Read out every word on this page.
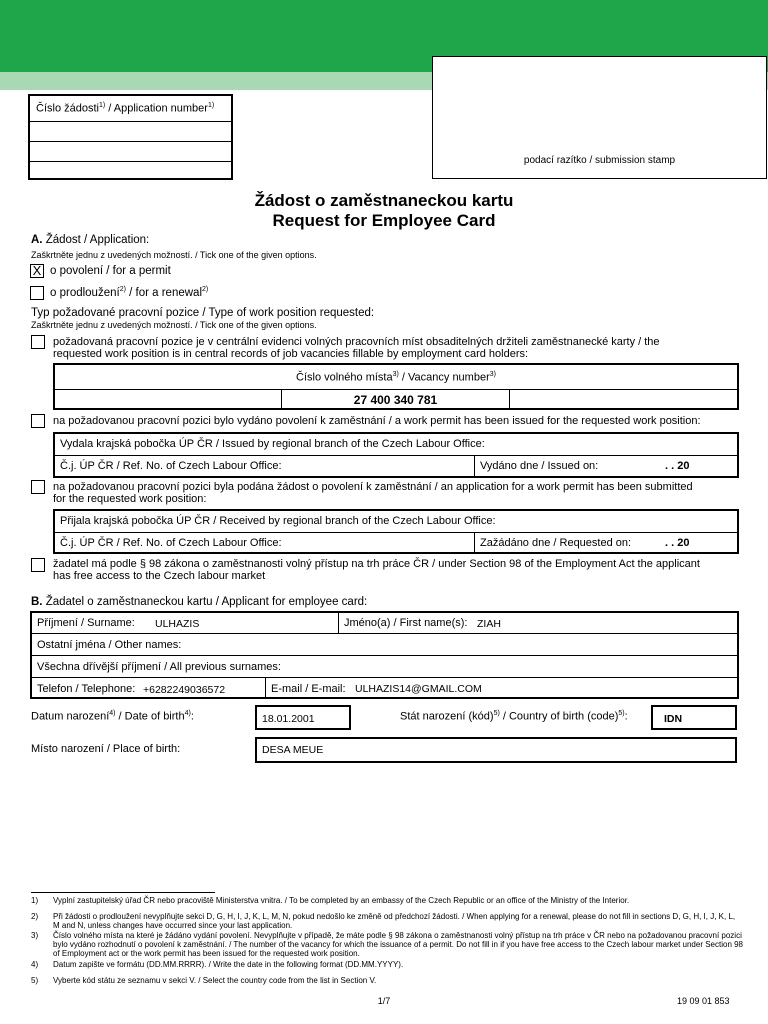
podací razítko / submission stamp
Číslo žádosti$^{1)}$ / Application number$^{1)}$
Žádost o zaměstnaneckou kartu
Request for Employee Card
A. Žádost / Application:
Zaškrtněte jednu z uvedených možností. / Tick one of the given options.
X o povolení / for a permit
o prodloužení$^{2)}$ / for a renewal$^{2)}$
Typ požadované pracovní pozice / Type of work position requested:
Zaškrtněte jednu z uvedených možností. / Tick one of the given options.
požadovaná pracovní pozice je v centrální evidenci volných pracovních míst obsaditelných držiteli zaměstnanecké karty / the
requested work position is in central records of job vacancies fillable by employment card holders:
Číslo volného místa$^{3)}$ / Vacancy number$^{3)}$
27 400 340 781
na požadovanou pracovní pozici bylo vydáno povolení k zaměstnání / a work permit has been issued for the requested work position:
Vydala krajská pobočka ÚP ČR / Issued by regional branch of the Czech Labour Office:
Č.j. ÚP ČR / Ref. No. of Czech Labour Office:	Vydáno dne / Issued on:	. . 20
na požadovanou pracovní pozici byla podána žádost o povolení k zaměstnání / an application for a work permit has been submitted
for the requested work position:
Přijala krajská pobočka ÚP ČR / Received by regional branch of the Czech Labour Office:
Č.j. ÚP ČR / Ref. No. of Czech Labour Office:	Zažádáno dne / Requested on:	. . 20
žadatel má podle § 98 zákona o zaměstnanosti volný přístup na trh práce ČR / under Section 98 of the Employment Act the applicant
has free access to the Czech labour market
B. Žadatel o zaměstnaneckou kartu / Applicant for employee card:
Příjmení / Surname:	ULHAZIS	Jméno(a) / First name(s): ZIAH
Ostatní jména / Other names:
Všechna dřívější příjmení / All previous surnames:
Telefon / Telephone: +6282249036572	E-mail / E-mail: ULHAZIS14@GMAIL.COM
Datum narození$^{4)}$ / Date of birth$^{4)}$:	18.01.2001	Stát narození (kód)$^{5)}$ / Country of birth (code)$^{5)}$:	IDN
Místo narození / Place of birth:	DESA MEUE
1) Vyplní zastupitelský úřad ČR nebo pracoviště Ministerstva vnitra. / To be completed by an embassy of the Czech Republic or an office of the Ministry of the Interior.
2) Při žádosti o prodloužení nevyplňujte sekci D, G, H, I, J, K, L, M, N, pokud nedošlo ke změně od předchozí žádosti. / When applying for a renewal, please do not fill in sections D, G, H, I, J, K, L, M and N, unless changes have occurred since your last application.
3) Číslo volného místa na které je žádáno vydání povolení. Nevyplňujte v případě, že máte podle § 98 zákona o zaměstnanosti volný přístup na trh práce v ČR nebo na požadovanou pracovní pozici bylo vydáno rozhodnutí o povolení k zaměstnání. / The number of the vacancy for which the issuance of a permit. Do not fill in if you have free access to the Czech labour market under Section 98 of Employment act or the work permit has been issued for the requested work position.
4) Datum zapište ve formátu (DD.MM.RRRR). / Write the date in the following format (DD.MM.YYYY).
5) Vyberte kód státu ze seznamu v sekci V. / Select the country code from the list in Section V.
1/7	19 09 01 853
